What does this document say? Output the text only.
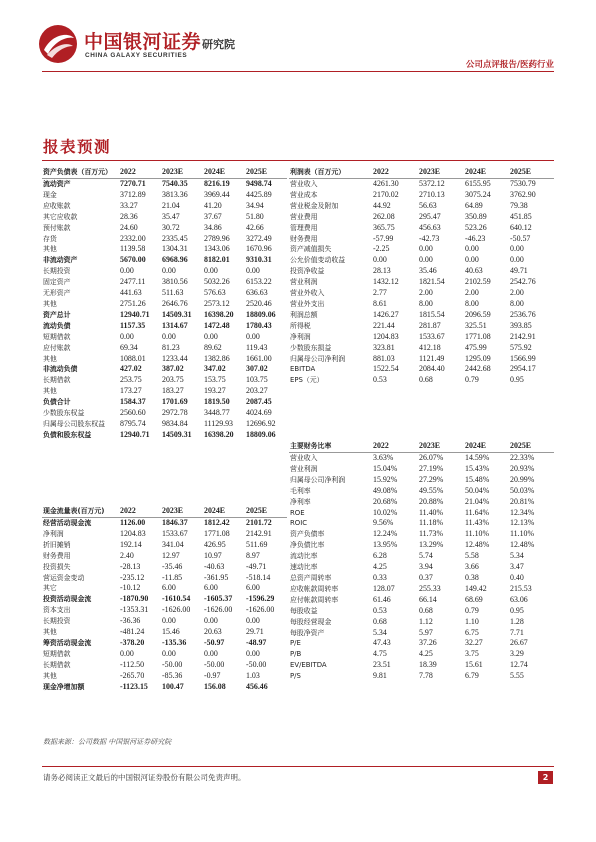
中国银河证券
CHINA GALAXY SECURITIES
研究院
公司点评报告/医药行业
报表预测
资产负债表（百万元）	2022	2023E	2024E	2025E
流动资产	7270.71	7540.35	8216.19	9498.74
现金	3712.89	3813.36	3969.44	4425.89
应收账款	33.27	21.04	41.20	34.94
其它应收款	28.36	35.47	37.67	51.80
预付账款	24.60	30.72	34.86	42.66
存货	2332.00	2335.45	2789.96	3272.49
其他	1139.58	1304.31	1343.06	1670.96
非流动资产	5670.00	6968.96	8182.01	9310.31
长期投资	0.00	0.00	0.00	0.00
固定资产	2477.11	3810.56	5032.26	6153.22
无形资产	441.63	511.63	576.63	636.63
其他	2751.26	2646.76	2573.12	2520.46
资产总计	12940.71	14509.31	16398.20	18809.06
流动负债	1157.35	1314.67	1472.48	1780.43
短期借款	0.00	0.00	0.00	0.00
应付账款	69.34	81.23	89.62	119.43
其他	1088.01	1233.44	1382.86	1661.00
非流动负债	427.02	387.02	347.02	307.02
长期借款	253.75	203.75	153.75	103.75
其他	173.27	183.27	193.27	203.27
负债合计	1584.37	1701.69	1819.50	2087.45
少数股东权益	2560.60	2972.78	3448.77	4024.69
归属母公司股东权益	8795.74	9834.84	11129.93	12696.92
负债和股东权益	12940.71	14509.31	16398.20	18809.06
利润表（百万元）	2022	2023E	2024E	2025E
营业收入	4261.30	5372.12	6155.95	7530.79
营业成本	2170.02	2710.13	3075.24	3762.90
营业税金及附加	44.92	56.63	64.89	79.38
营业费用	262.08	295.47	350.89	451.85
管理费用	365.75	456.63	523.26	640.12
财务费用	-57.99	-42.73	-46.23	-50.57
资产减值损失	-2.25	0.00	0.00	0.00
公允价值变动收益	0.00	0.00	0.00	0.00
投资净收益	28.13	35.46	40.63	49.71
营业利润	1432.12	1821.54	2102.59	2542.76
营业外收入	2.77	2.00	2.00	2.00
营业外支出	8.61	8.00	8.00	8.00
利润总额	1426.27	1815.54	2096.59	2536.76
所得税	221.44	281.87	325.51	393.85
净利润	1204.83	1533.67	1771.08	2142.91
少数股东损益	323.81	412.18	475.99	575.92
归属母公司净利润	881.03	1121.49	1295.09	1566.99
EBITDA	1522.54	2084.40	2442.68	2954.17
EPS（元）	0.53	0.68	0.79	0.95
现金流量表(百万元)	2022	2023E	2024E	2025E
经营活动现金流	1126.00	1846.37	1812.42	2101.72
净利润	1204.83	1533.67	1771.08	2142.91
折旧摊销	192.14	341.04	426.95	511.69
财务费用	2.40	12.97	10.97	8.97
投资损失	-28.13	-35.46	-40.63	-49.71
营运资金变动	-235.12	-11.85	-361.95	-518.14
其它	-10.12	6.00	6.00	6.00
投资活动现金流	-1870.90	-1610.54	-1605.37	-1596.29
资本支出	-1353.31	-1626.00	-1626.00	-1626.00
长期投资	-36.36	0.00	0.00	0.00
其他	-481.24	15.46	20.63	29.71
筹资活动现金流	-378.20	-135.36	-50.97	-48.97
短期借款	0.00	0.00	0.00	0.00
长期借款	-112.50	-50.00	-50.00	-50.00
其他	-265.70	-85.36	-0.97	1.03
现金净增加额	-1123.15	100.47	156.08	456.46
主要财务比率	2022	2023E	2024E	2025E
营业收入	3.63%	26.07%	14.59%	22.33%
营业利润	15.04%	27.19%	15.43%	20.93%
归属母公司净利润	15.92%	27.29%	15.48%	20.99%
毛利率	49.08%	49.55%	50.04%	50.03%
净利率	20.68%	20.88%	21.04%	20.81%
ROE	10.02%	11.40%	11.64%	12.34%
ROIC	9.56%	11.18%	11.43%	12.13%
资产负债率	12.24%	11.73%	11.10%	11.10%
净负债比率	13.95%	13.29%	12.48%	12.48%
流动比率	6.28	5.74	5.58	5.34
速动比率	4.25	3.94	3.66	3.47
总资产周转率	0.33	0.37	0.38	0.40
应收帐款周转率	128.07	255.33	149.42	215.53
应付帐款周转率	61.46	66.14	68.69	63.06
每股收益	0.53	0.68	0.79	0.95
每股经营现金	0.68	1.12	1.10	1.28
每股净资产	5.34	5.97	6.75	7.71
P/E	47.43	37.26	32.27	26.67
P/B	4.75	4.25	3.75	3.29
EV/EBITDA	23.51	18.39	15.61	12.74
P/S	9.81	7.78	6.79	5.55
数据来源：公司数据 中国银河证券研究院
请务必阅读正文最后的中国银河证券股份有限公司免责声明。	2
